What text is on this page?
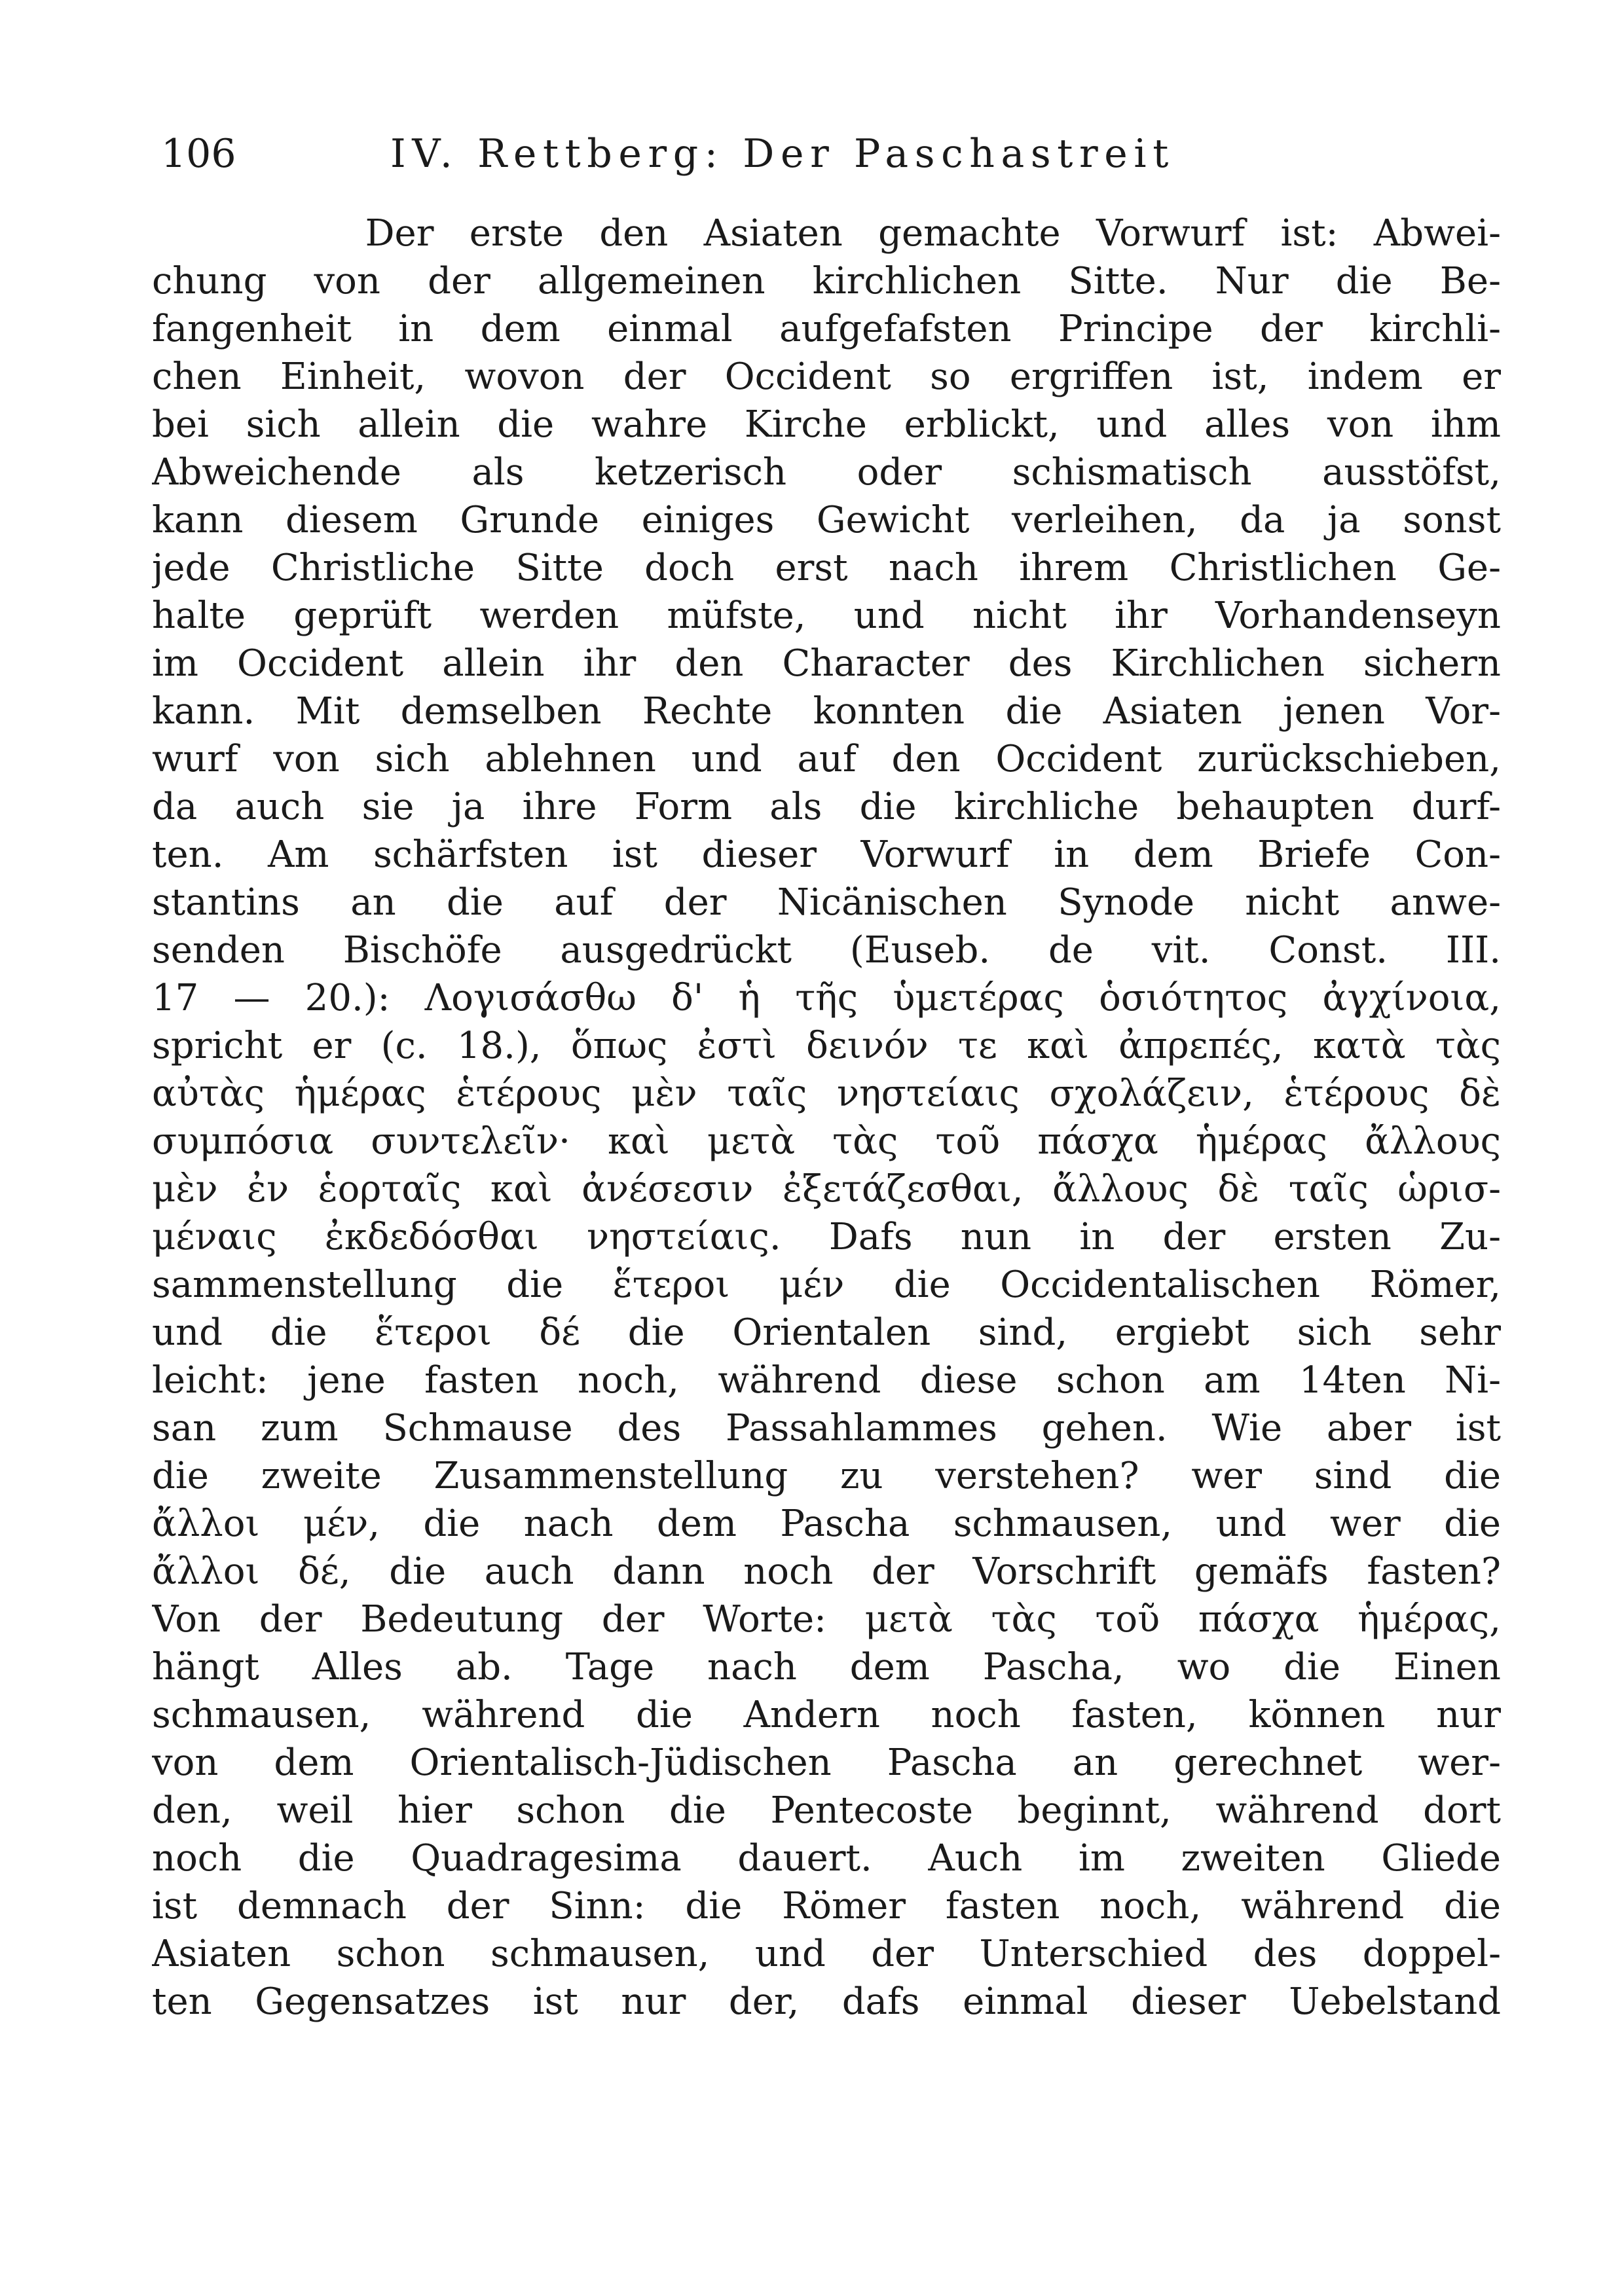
106	IV. Rettberg: Der Paschastreit
Der erste den Asiaten gemachte Vorwurf ist: Abwei-
chung von der allgemeinen kirchlichen Sitte. Nur die Be-
fangenheit in dem einmal aufgefafsten Principe der kirchli-
chen Einheit, wovon der Occident so ergriffen ist, indem er
bei sich allein die wahre Kirche erblickt, und alles von ihm
Abweichende als ketzerisch oder schismatisch ausstöfst,
kann diesem Grunde einiges Gewicht verleihen, da ja sonst
jede Christliche Sitte doch erst nach ihrem Christlichen Ge-
halte geprüft werden müfste, und nicht ihr Vorhandenseyn
im Occident allein ihr den Character des Kirchlichen sichern
kann. Mit demselben Rechte konnten die Asiaten jenen Vor-
wurf von sich ablehnen und auf den Occident zurückschieben,
da auch sie ja ihre Form als die kirchliche behaupten durf-
ten. Am schärfsten ist dieser Vorwurf in dem Briefe Con-
stantins an die auf der Nicänischen Synode nicht anwe-
senden Bischöfe ausgedrückt (Euseb. de vit. Const. III.
17 — 20.): Λογισάσθω δ' ἡ τῆς ὑμετέρας ὁσιότητος ἀγχίνοια,
spricht er (c. 18.), ὅπως ἐστὶ δεινόν τε καὶ ἀπρεπές, κατὰ τὰς
αὐτὰς ἡμέρας ἑτέρους μὲν ταῖς νηστείαις σχολάζειν, ἑτέρους δὲ
συμπόσια συντελεῖν· καὶ μετὰ τὰς τοῦ πάσχα ἡμέρας ἄλλους
μὲν ἐν ἑορταῖς καὶ ἀνέσεσιν ἐξετάζεσθαι, ἄλλους δὲ ταῖς ὡρισ-
μέναις ἐκδεδόσθαι νηστείαις. Dafs nun in der ersten Zu-
sammenstellung die ἕτεροι μέν die Occidentalischen Römer,
und die ἕτεροι δέ die Orientalen sind, ergiebt sich sehr
leicht: jene fasten noch, während diese schon am 14ten Ni-
san zum Schmause des Passahlammes gehen. Wie aber ist
die zweite Zusammenstellung zu verstehen? wer sind die
ἄλλοι μέν, die nach dem Pascha schmausen, und wer die
ἄλλοι δέ, die auch dann noch der Vorschrift gemäfs fasten?
Von der Bedeutung der Worte: μετὰ τὰς τοῦ πάσχα ἡμέρας,
hängt Alles ab. Tage nach dem Pascha, wo die Einen
schmausen, während die Andern noch fasten, können nur
von dem Orientalisch-Jüdischen Pascha an gerechnet wer-
den, weil hier schon die Pentecoste beginnt, während dort
noch die Quadragesima dauert. Auch im zweiten Gliede
ist demnach der Sinn: die Römer fasten noch, während die
Asiaten schon schmausen, und der Unterschied des doppel-
ten Gegensatzes ist nur der, dafs einmal dieser Uebelstand
